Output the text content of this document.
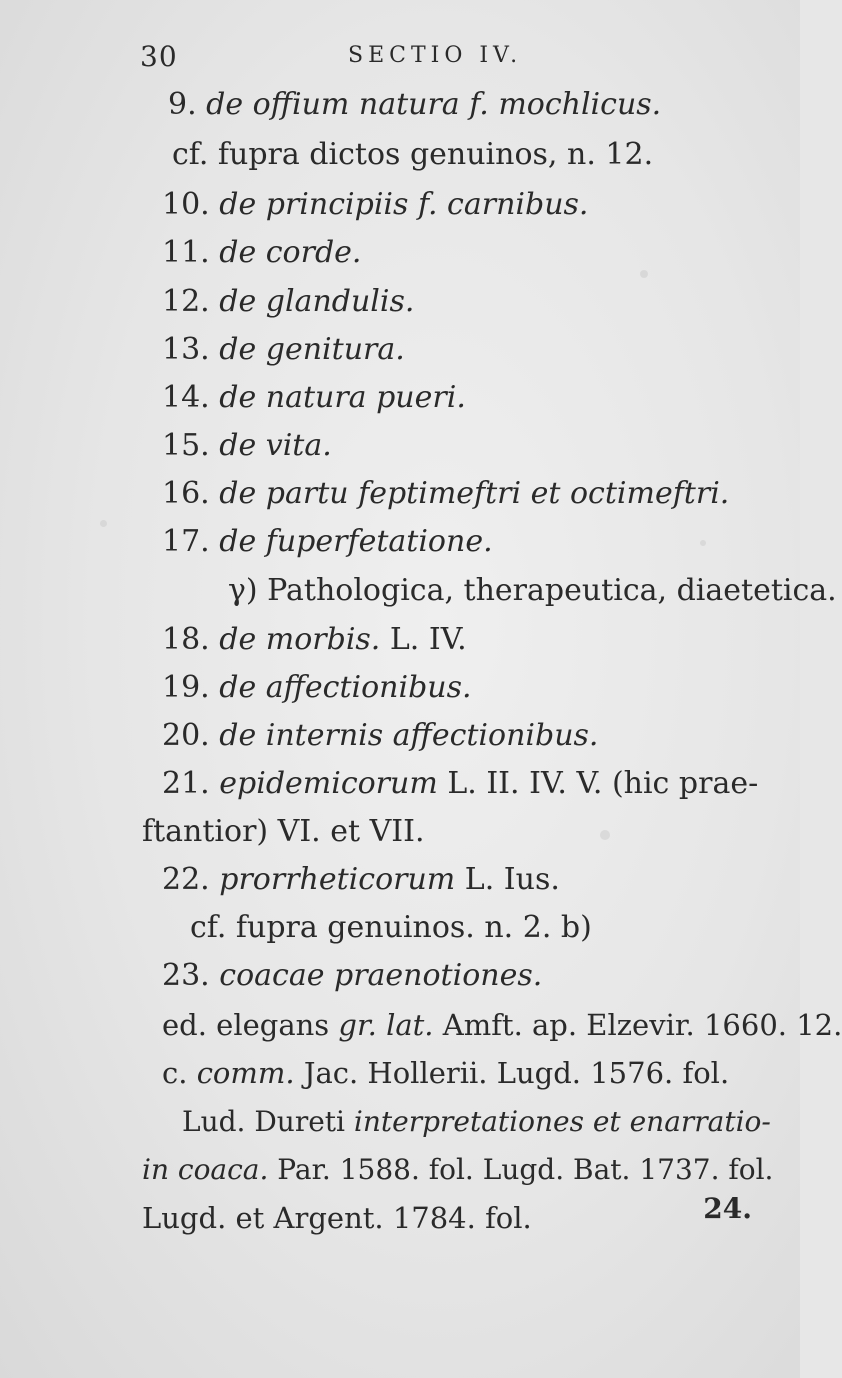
30	SECTIO IV.
9. de offium natura f. mochlicus.
cf. fupra dictos genuinos, n. 12.
10. de principiis f. carnibus.
11. de corde.
12. de glandulis.
13. de genitura.
14. de natura pueri.
15. de vita.
16. de partu feptimeftri et octimeftri.
17. de fuperfetatione.
γ) Pathologica, therapeutica, diaetetica.
18. de morbis. L. IV.
19. de affectionibus.
20. de internis affectionibus.
21. epidemicorum L. II. IV. V. (hic prae-
ftantior) VI. et VII.
22. prorrheticorum L. Ius.
cf. fupra genuinos. n. 2. b)
23. coacae praenotiones.
ed. elegans gr. lat. Amft. ap. Elzevir. 1660. 12.
c. comm. Jac. Hollerii. Lugd. 1576. fol.
Lud. Dureti interpretationes et enarratio-
in coaca. Par. 1588. fol. Lugd. Bat. 1737. fol.
Lugd. et Argent. 1784. fol.	24.
